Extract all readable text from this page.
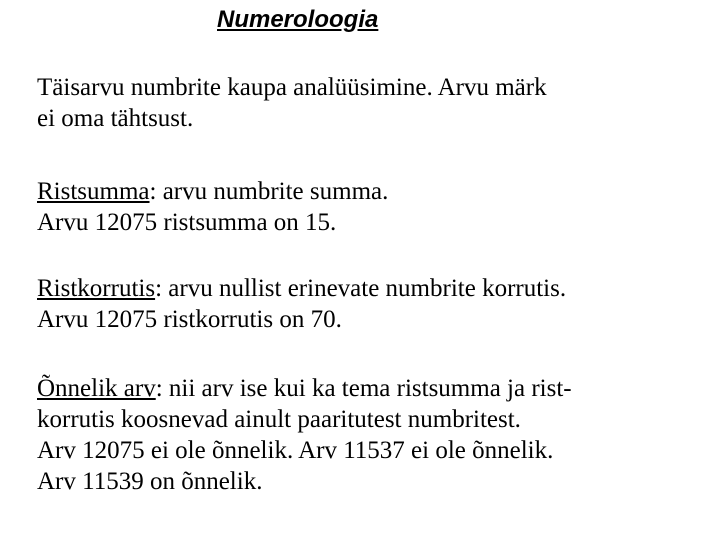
Numeroloogia
Täisarvu numbrite kaupa analüüsimine. Arvu märk
ei oma tähtsust.
Ristsumma: arvu numbrite summa.
Arvu 12075 ristsumma on 15.
Ristkorrutis: arvu nullist erinevate numbrite korrutis.
Arvu 12075 ristkorrutis on 70.
Õnnelik arv: nii arv ise kui ka tema ristsumma ja rist-
korrutis koosnevad ainult paaritutest numbritest.
Arv 12075 ei ole õnnelik. Arv 11537 ei ole õnnelik.
Arv 11539 on õnnelik.
